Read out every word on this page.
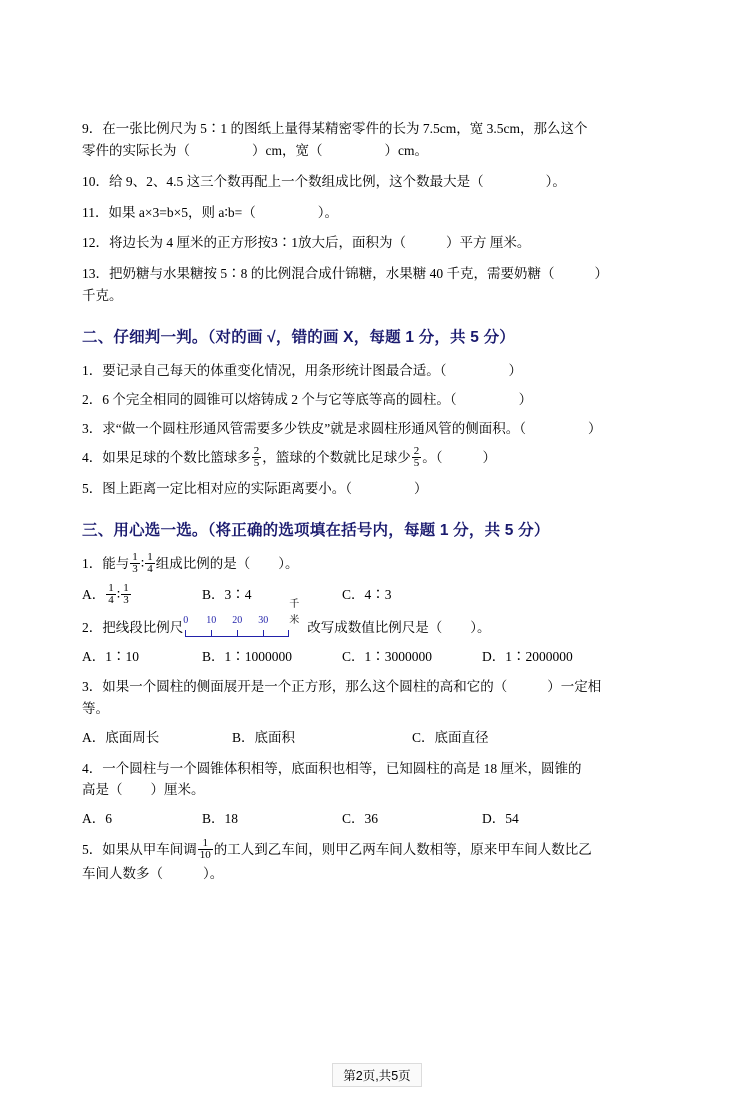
9．在一张比例尺为 5∶1 的图纸上量得某精密零件的长为 7.5cm，宽 3.5cm，那么这个
零件的实际长为（	）cm，宽（	）cm。

10．给 9、2、4.5 这三个数再配上一个数组成比例，这个数最大是（	）。

11．如果 a×3=b×5，则 a∶b=（	）。

12．将边长为 4 厘米的正方形按3∶1放大后，面积为（	）平方 厘米。

13．把奶糖与水果糖按 5∶8 的比例混合成什锦糖，水果糖 40 千克，需要奶糖（	）
千克。

二、仔细判一判。（对的画 √，错的画 X，每题 1 分，共 5 分）

1．要记录自己每天的体重变化情况，用条形统计图最合适。（	）

2．6 个完全相同的圆锥可以熔铸成 2 个与它等底等高的圆柱。（	）

3．求“做一个圆柱形通风管需要多少铁皮”就是求圆柱形通风管的侧面积。（	）

4．如果足球的个数比篮球多 $\frac{2}{5}$ ，篮球的个数就比足球少 $\frac{2}{5}$ 。（	）

5．图上距离一定比相对应的实际距离要小。（	）

三、用心选一选。（将正确的选项填在括号内，每题 1 分，共 5 分）

1．能与 $\frac{1}{3}$ ∶ $\frac{1}{4}$ 组成比例的是（ ）。

A． $\frac{1}{4}$ ∶ $\frac{1}{3}$	B．3∶4	C．4∶3

2．把线段比例尺 0 10 20 30
千米 改写成数值比例尺是（ ）。

A．1∶10	B．1∶1000000	C．1∶3000000	D．1∶2000000

3．如果一个圆柱的侧面展开是一个正方形，那么这个圆柱的高和它的（	）一定相
等。

A．底面周长	B．底面积	C．底面直径

4．一个圆柱与一个圆锥体积相等，底面积也相等，已知圆柱的高是 18 厘米，圆锥的
高是（ ）厘米。

A．6	B．18	C．36	D．54

5．如果从甲车间调 $\frac{1}{10}$ 的工人到乙车间，则甲乙两车间人数相等，原来甲车间人数比乙
车间人数多（	）。

第2页,共5页
